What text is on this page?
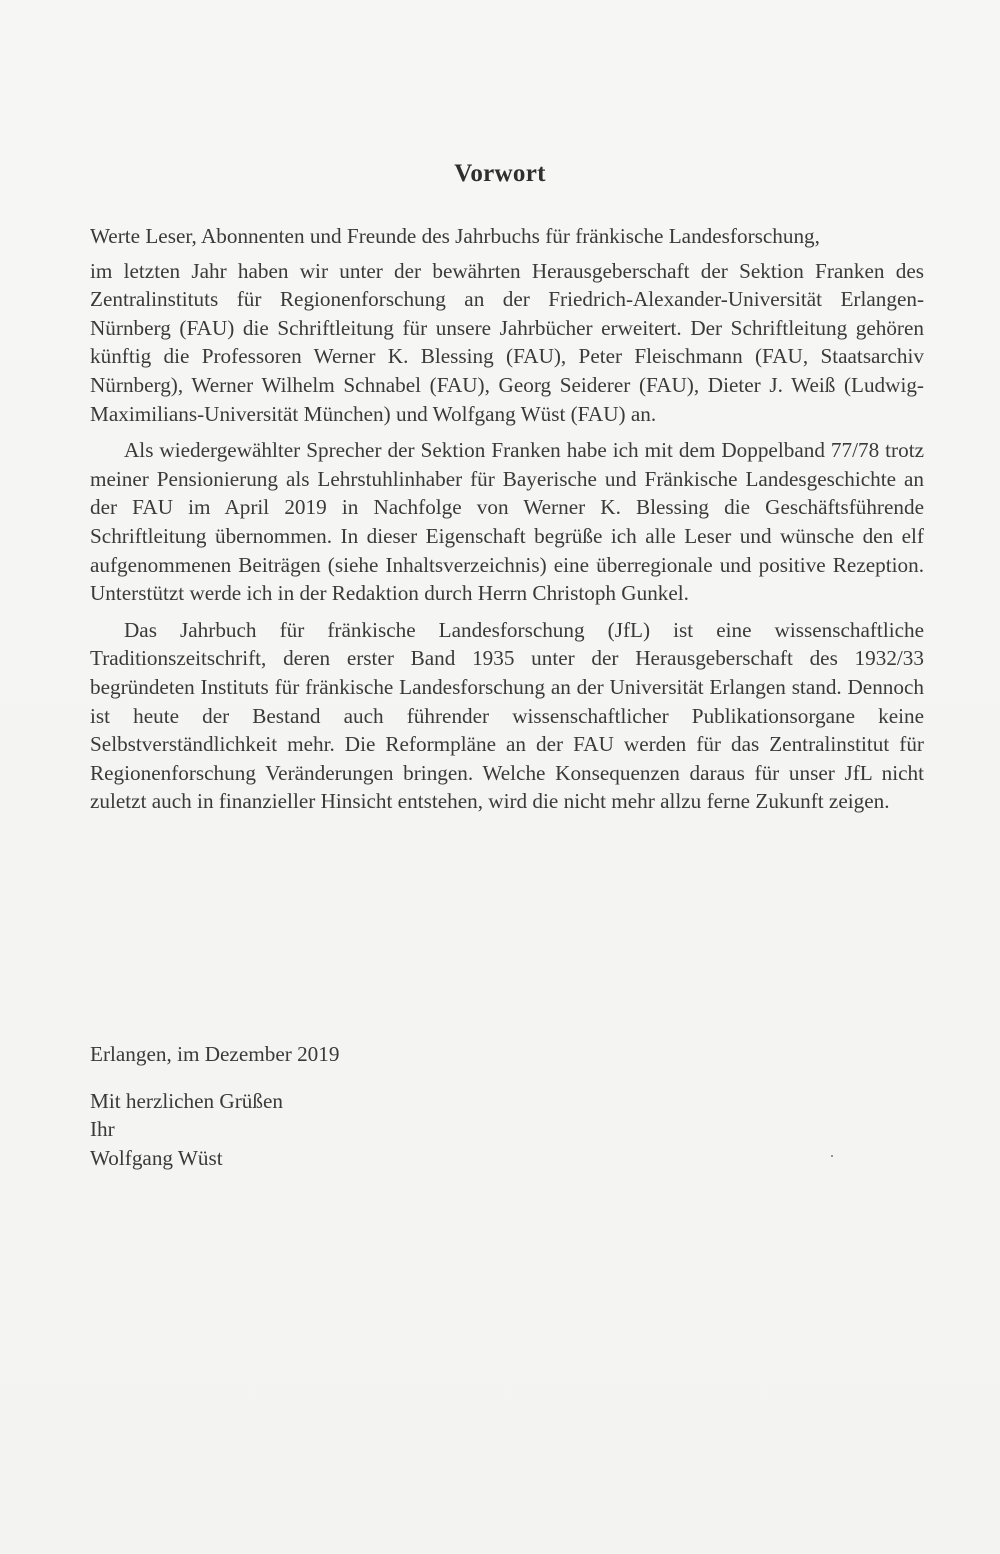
Vorwort

Werte Leser, Abonnenten und Freunde des Jahrbuchs für fränkische Landesforschung,

im letzten Jahr haben wir unter der bewährten Herausgeberschaft der Sektion Franken des Zentralinstituts für Regionenforschung an der Friedrich-Alexander-Universität Erlangen-Nürnberg (FAU) die Schriftleitung für unsere Jahrbücher erweitert. Der Schriftleitung gehören künftig die Professoren Werner K. Blessing (FAU), Peter Fleischmann (FAU, Staatsarchiv Nürnberg), Werner Wilhelm Schnabel (FAU), Georg Seiderer (FAU), Dieter J. Weiß (Ludwig-Maximilians-Universität München) und Wolfgang Wüst (FAU) an.

Als wiedergewählter Sprecher der Sektion Franken habe ich mit dem Doppelband 77/78 trotz meiner Pensionierung als Lehrstuhlinhaber für Bayerische und Fränkische Landesgeschichte an der FAU im April 2019 in Nachfolge von Werner K. Blessing die Geschäftsführende Schriftleitung übernommen. In dieser Eigenschaft begrüße ich alle Leser und wünsche den elf aufgenommenen Beiträgen (siehe Inhaltsverzeichnis) eine überregionale und positive Rezeption. Unterstützt werde ich in der Redaktion durch Herrn Christoph Gunkel.

Das Jahrbuch für fränkische Landesforschung (JfL) ist eine wissenschaftliche Traditionszeitschrift, deren erster Band 1935 unter der Herausgeberschaft des 1932/33 begründeten Instituts für fränkische Landesforschung an der Universität Erlangen stand. Dennoch ist heute der Bestand auch führender wissenschaftlicher Publikationsorgane keine Selbstverständlichkeit mehr. Die Reformpläne an der FAU werden für das Zentralinstitut für Regionenforschung Veränderungen bringen. Welche Konsequenzen daraus für unser JfL nicht zuletzt auch in finanzieller Hinsicht entstehen, wird die nicht mehr allzu ferne Zukunft zeigen.

Erlangen, im Dezember 2019
Mit herzlichen Grüßen
Ihr
Wolfgang Wüst
